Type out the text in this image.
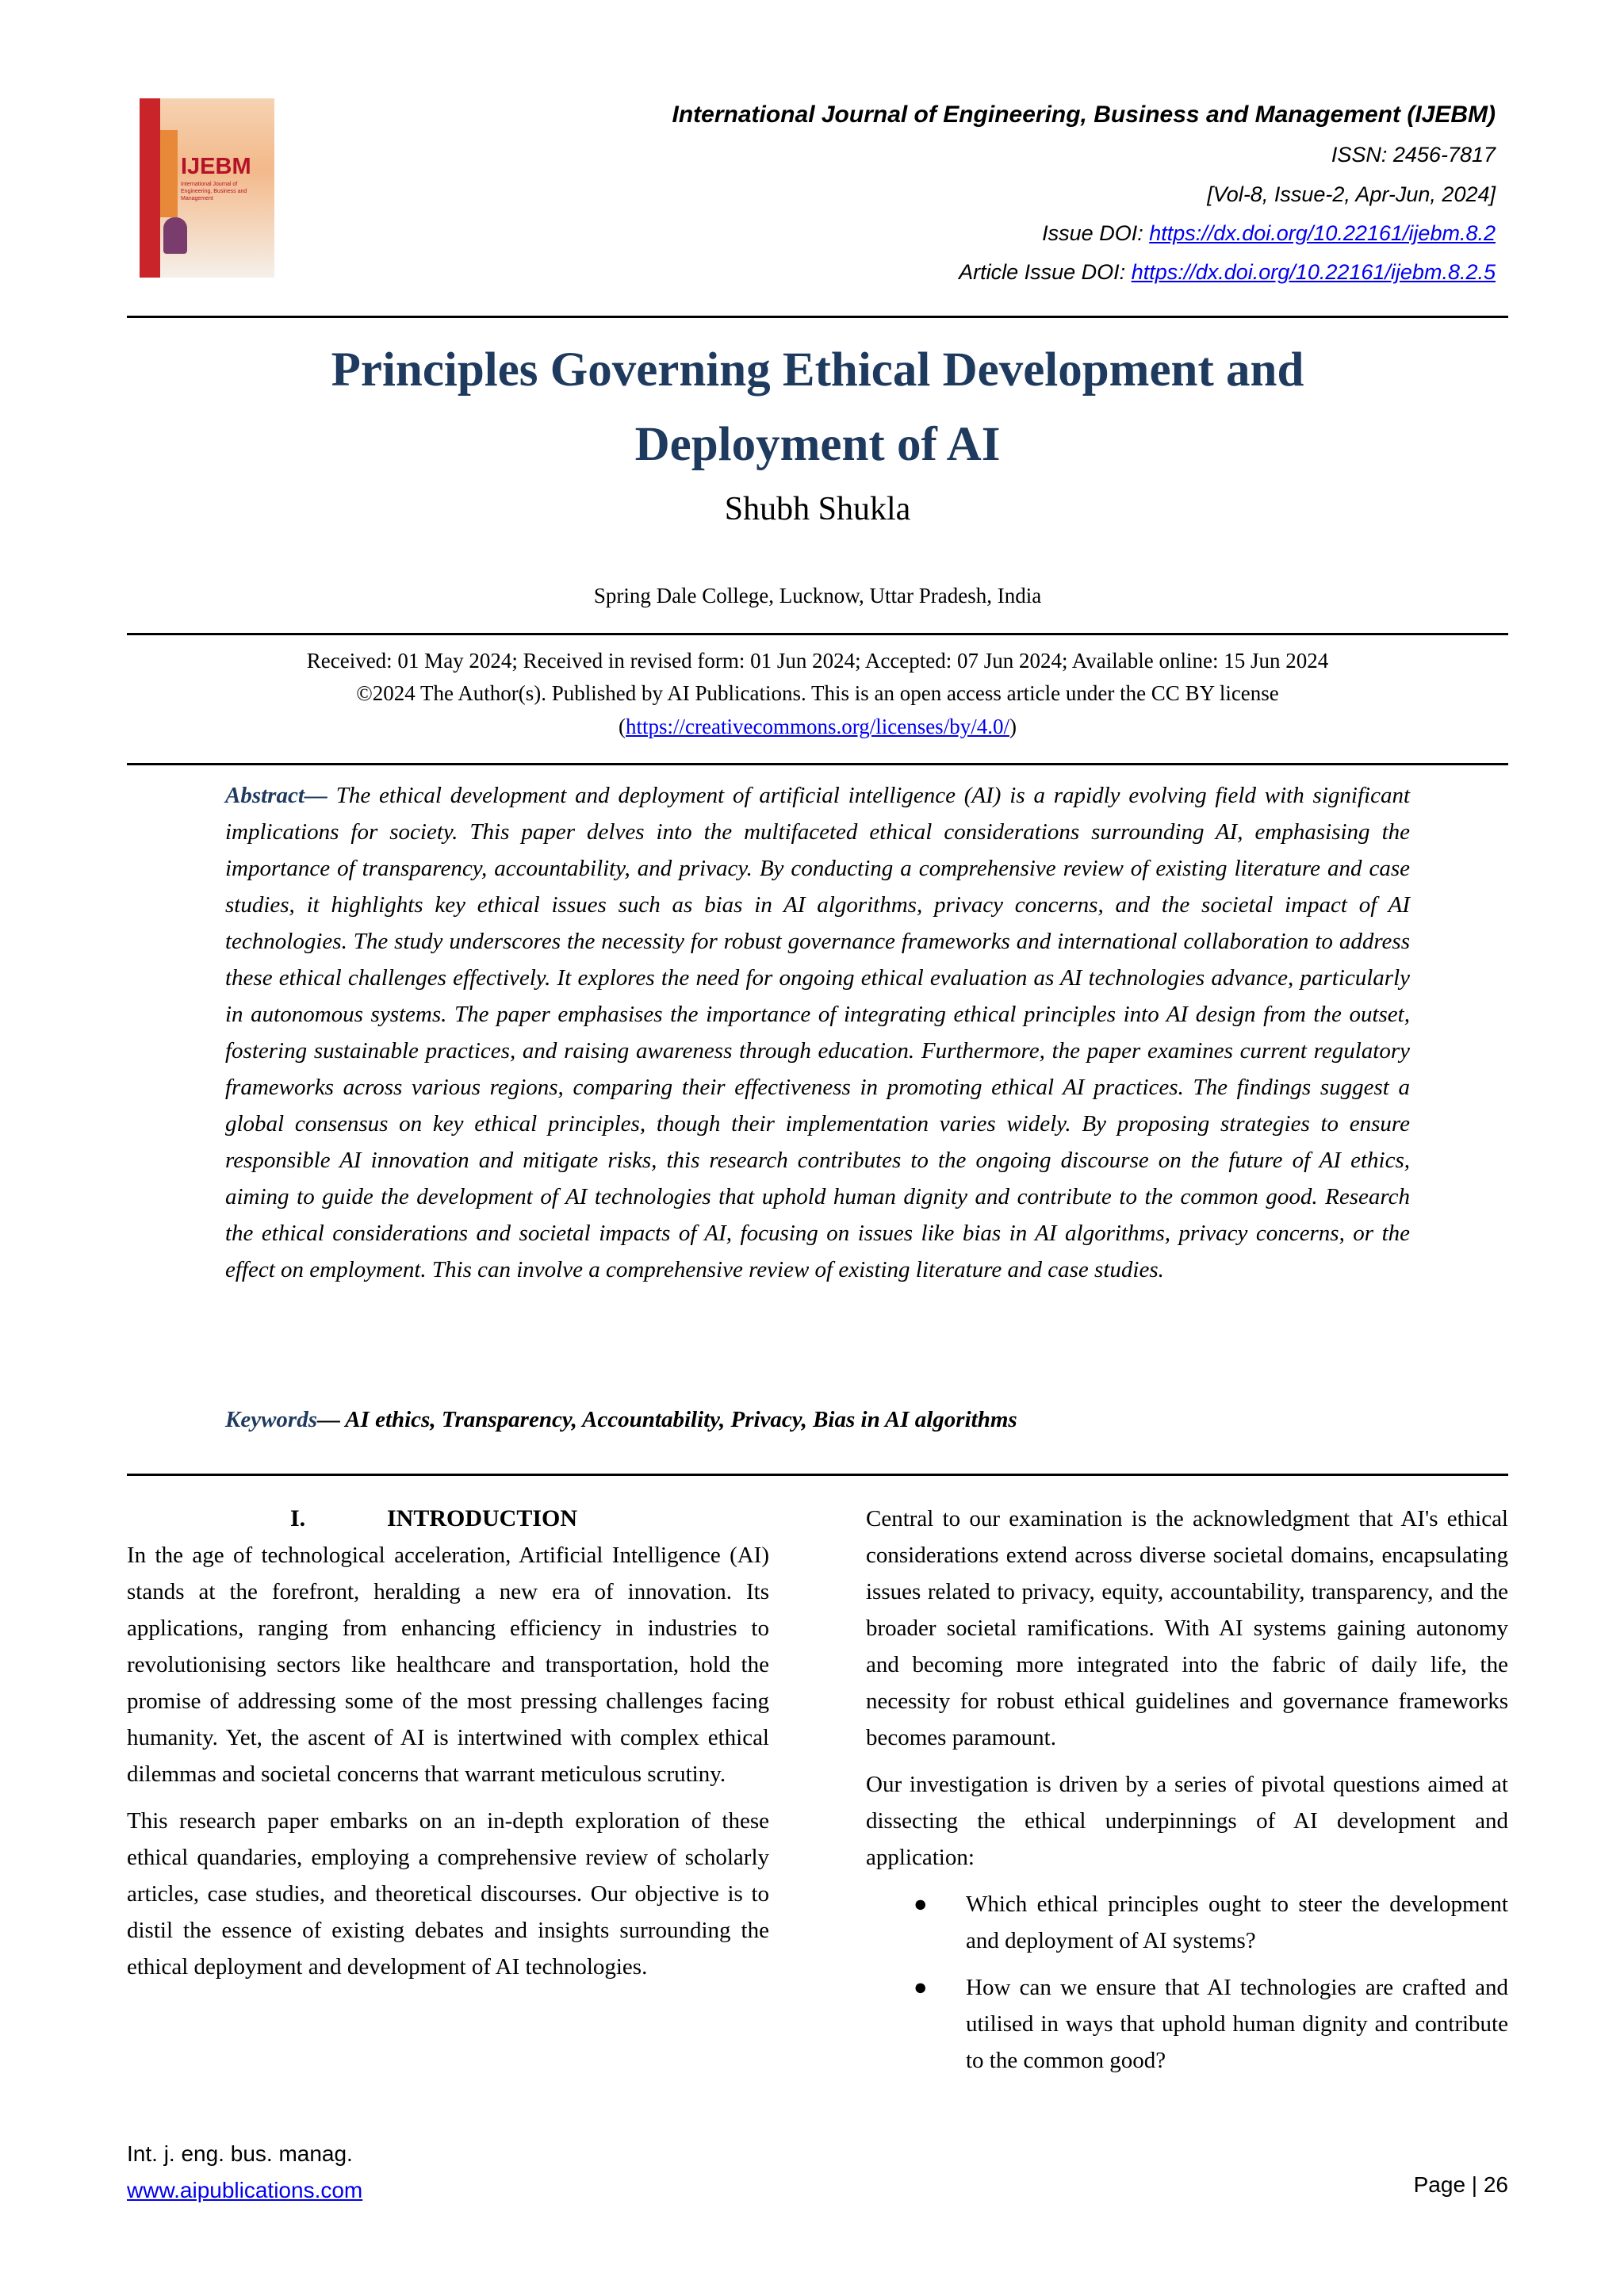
IJEBM
International Journal of Engineering, Business and Management
International Journal of Engineering, Business and Management (IJEBM)
ISSN: 2456-7817
[Vol-8, Issue-2, Apr-Jun, 2024]
Issue DOI: https://dx.doi.org/10.22161/ijebm.8.2
Article Issue DOI: https://dx.doi.org/10.22161/ijebm.8.2.5
Principles Governing Ethical Development and
Deployment of AI
Shubh Shukla
Spring Dale College, Lucknow, Uttar Pradesh, India
Received: 01 May 2024; Received in revised form: 01 Jun 2024; Accepted: 07 Jun 2024; Available online: 15 Jun 2024
©2024 The Author(s). Published by AI Publications. This is an open access article under the CC BY license
(https://creativecommons.org/licenses/by/4.0/)
Abstract— The ethical development and deployment of artificial intelligence (AI) is a rapidly evolving field with significant implications for society. This paper delves into the multifaceted ethical considerations surrounding AI, emphasising the importance of transparency, accountability, and privacy. By conducting a comprehensive review of existing literature and case studies, it highlights key ethical issues such as bias in AI algorithms, privacy concerns, and the societal impact of AI technologies. The study underscores the necessity for robust governance frameworks and international collaboration to address these ethical challenges effectively. It explores the need for ongoing ethical evaluation as AI technologies advance, particularly in autonomous systems. The paper emphasises the importance of integrating ethical principles into AI design from the outset, fostering sustainable practices, and raising awareness through education. Furthermore, the paper examines current regulatory frameworks across various regions, comparing their effectiveness in promoting ethical AI practices. The findings suggest a global consensus on key ethical principles, though their implementation varies widely. By proposing strategies to ensure responsible AI innovation and mitigate risks, this research contributes to the ongoing discourse on the future of AI ethics, aiming to guide the development of AI technologies that uphold human dignity and contribute to the common good. Research the ethical considerations and societal impacts of AI, focusing on issues like bias in AI algorithms, privacy concerns, or the effect on employment. This can involve a comprehensive review of existing literature and case studies.
Keywords— AI ethics, Transparency, Accountability, Privacy, Bias in AI algorithms
I.	INTRODUCTION

In the age of technological acceleration, Artificial Intelligence (AI) stands at the forefront, heralding a new era of innovation. Its applications, ranging from enhancing efficiency in industries to revolutionising sectors like healthcare and transportation, hold the promise of addressing some of the most pressing challenges facing humanity. Yet, the ascent of AI is intertwined with complex ethical dilemmas and societal concerns that warrant meticulous scrutiny.

This research paper embarks on an in-depth exploration of these ethical quandaries, employing a comprehensive review of scholarly articles, case studies, and theoretical discourses. Our objective is to distil the essence of existing debates and insights surrounding the ethical deployment and development of AI technologies.

Central to our examination is the acknowledgment that AI's ethical considerations extend across diverse societal domains, encapsulating issues related to privacy, equity, accountability, transparency, and the broader societal ramifications. With AI systems gaining autonomy and becoming more integrated into the fabric of daily life, the necessity for robust ethical guidelines and governance frameworks becomes paramount.

Our investigation is driven by a series of pivotal questions aimed at dissecting the ethical underpinnings of AI development and application:

● Which ethical principles ought to steer the development and deployment of AI systems?
● How can we ensure that AI technologies are crafted and utilised in ways that uphold human dignity and contribute to the common good?
Int. j. eng. bus. manag.
www.aipublications.com	Page | 26
